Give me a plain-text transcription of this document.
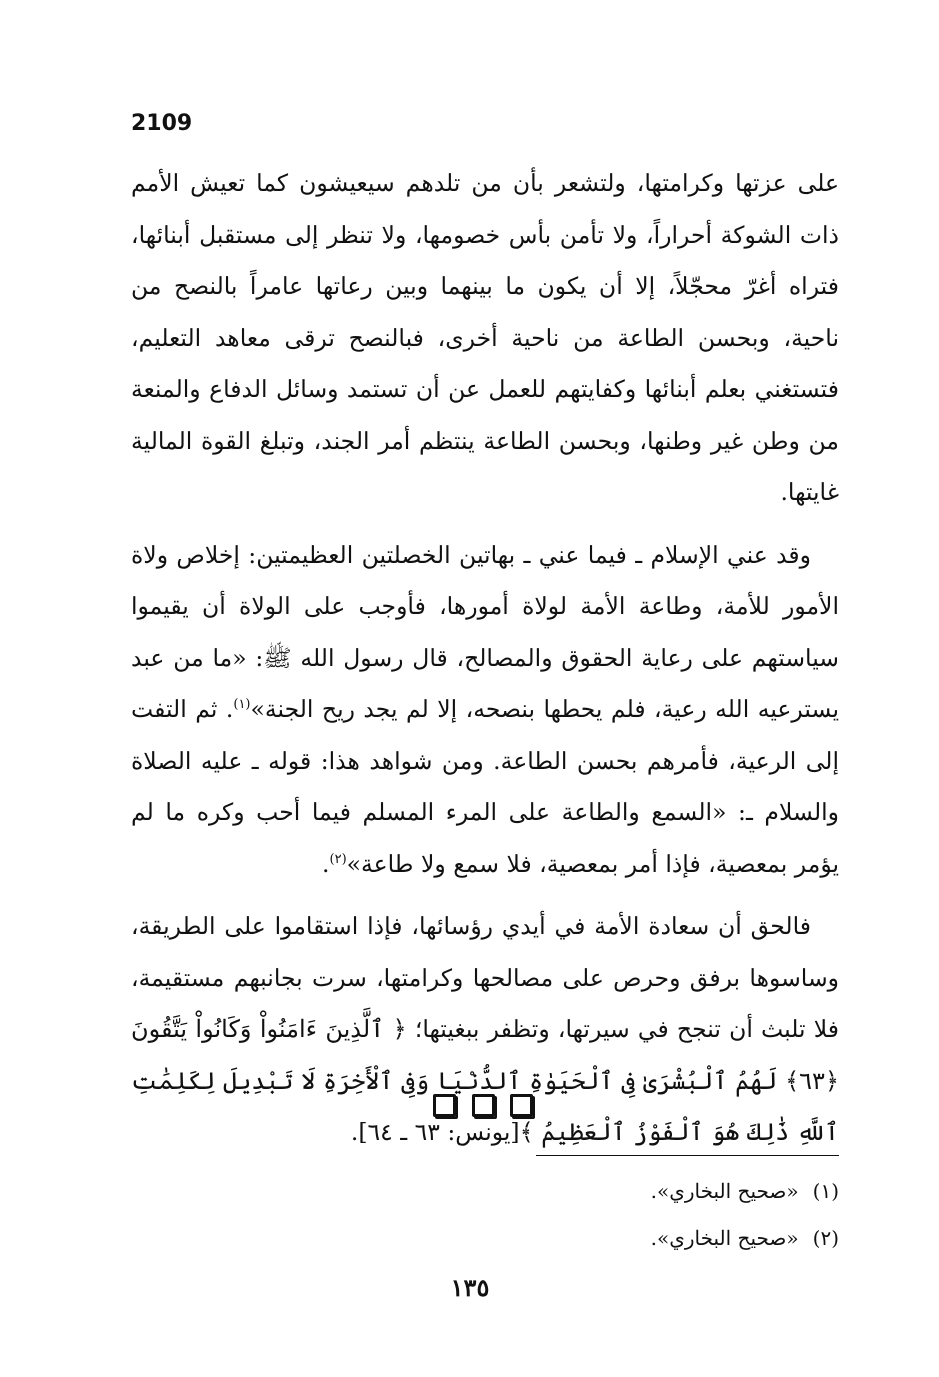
2109

على عزتها وكرامتها، ولتشعر بأن من تلدهم سيعيشون كما تعيش الأمم ذات الشوكة أحراراً، ولا تأمن بأس خصومها، ولا تنظر إلى مستقبل أبنائها، فتراه أغرّ محجّلاً، إلا أن يكون ما بينهما وبين رعاتها عامراً بالنصح من ناحية، وبحسن الطاعة من ناحية أخرى، فبالنصح ترقى معاهد التعليم، فتستغني بعلم أبنائها وكفايتهم للعمل عن أن تستمد وسائل الدفاع والمنعة من وطن غير وطنها، وبحسن الطاعة ينتظم أمر الجند، وتبلغ القوة المالية غايتها.

وقد عني الإسلام ـ فيما عني ـ بهاتين الخصلتين العظيمتين: إخلاص ولاة الأمور للأمة، وطاعة الأمة لولاة أمورها، فأوجب على الولاة أن يقيموا سياستهم على رعاية الحقوق والمصالح، قال رسول الله ﷺ: «ما من عبد يسترعيه الله رعية، فلم يحطها بنصحه، إلا لم يجد ريح الجنة»$^{(١)}$. ثم التفت إلى الرعية، فأمرهم بحسن الطاعة. ومن شواهد هذا: قوله ـ عليه الصلاة والسلام ـ: «السمع والطاعة على المرء المسلم فيما أحب وكره ما لم يؤمر بمعصية، فإذا أمر بمعصية، فلا سمع ولا طاعة»$^{(٢)}$.

فالحق أن سعادة الأمة في أيدي رؤسائها، فإذا استقاموا على الطريقة، وساسوها برفق وحرص على مصالحها وكرامتها، سرت بجانبهم مستقيمة، فلا تلبث أن تنجح في سيرتها، وتظفر ببغيتها؛ ﴿ ٱلَّذِينَ ءَامَنُواْ وَكَانُواْ يَتَّقُونَ ﴿٦٣﴾ لَهُمُ ٱلْبُشْرَىٰ فِى ٱلْحَيَوٰةِ ٱلدُّنْيَا وَفِى ٱلْأَخِرَةِ لَا تَبْدِيلَ لِكَلِمَٰتِ ٱللَّهِ ذَٰلِكَ هُوَ ٱلْفَوْزُ ٱلْعَظِيمُ ﴾[يونس: ٦٣ ـ ٦٤].

(١)«صحيح البخاري».

(٢)«صحيح البخاري».

١٣٥
